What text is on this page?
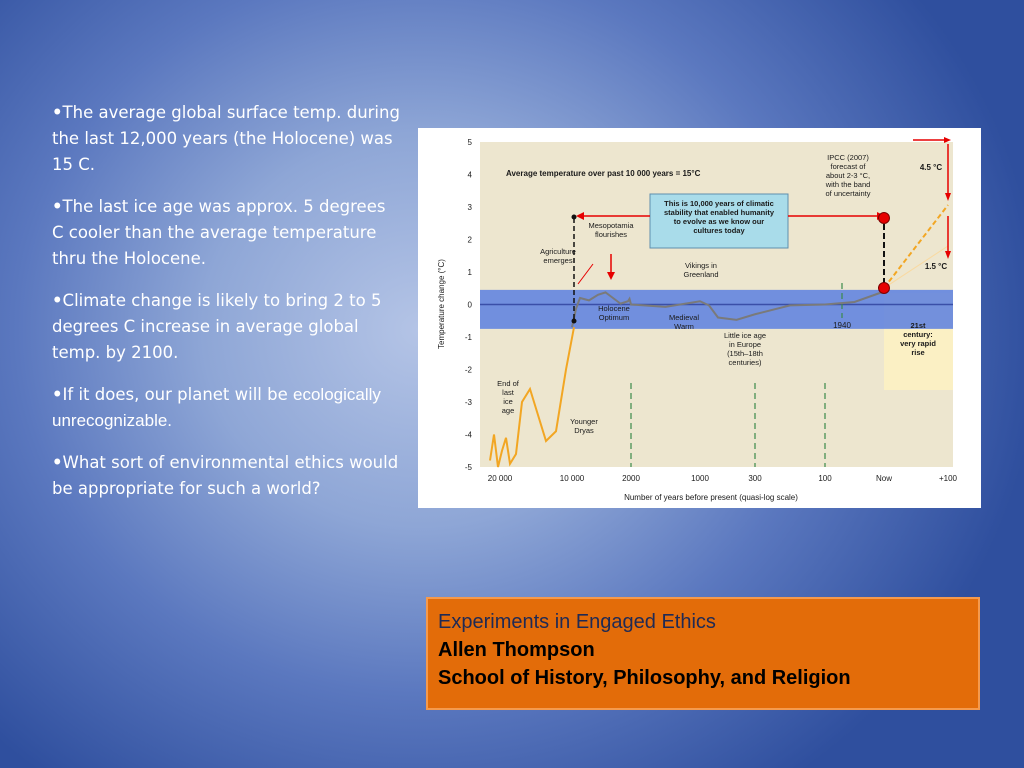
•The average global surface temp. during the last 12,000 years (the Holocene) was 15 C.
•The last ice age was approx. 5 degrees C cooler than the average temperature thru the Holocene.
•Climate change is likely to bring 2 to 5 degrees C increase in average global temp. by 2100.
•If it does, our planet will be ecologically unrecognizable.
•What sort of environmental ethics would be appropriate for such a world?
5
4
3
2
1
0
-1
-2
-3
-4
-5
20 000	10 000	2000	1000	300	100	Now	+100
Average temperature over past 10 000 years = 15°C
Number of years before present (quasi-log scale)
Temperature change (°C)
This is 10,000 years of climatic
stability that enabled humanity
to evolve as we know our
cultures today
Agriculture
emerges
Mesopotamia
flourishes
IPCC (2007)
forecast of
about 2-3 °C,
with the band
of uncertainty
Vikings in
Greenland
Holocene
Optimum	Medieval
Warm
Little ice age
in Europe
(15th–18th
centuries)
1940	21st
century:
very rapid
rise
End of
last
ice
age
Younger
Dryas
4.5 °C
1.5 °C
Experiments in Engaged Ethics
Allen Thompson
School of History, Philosophy, and Religion
